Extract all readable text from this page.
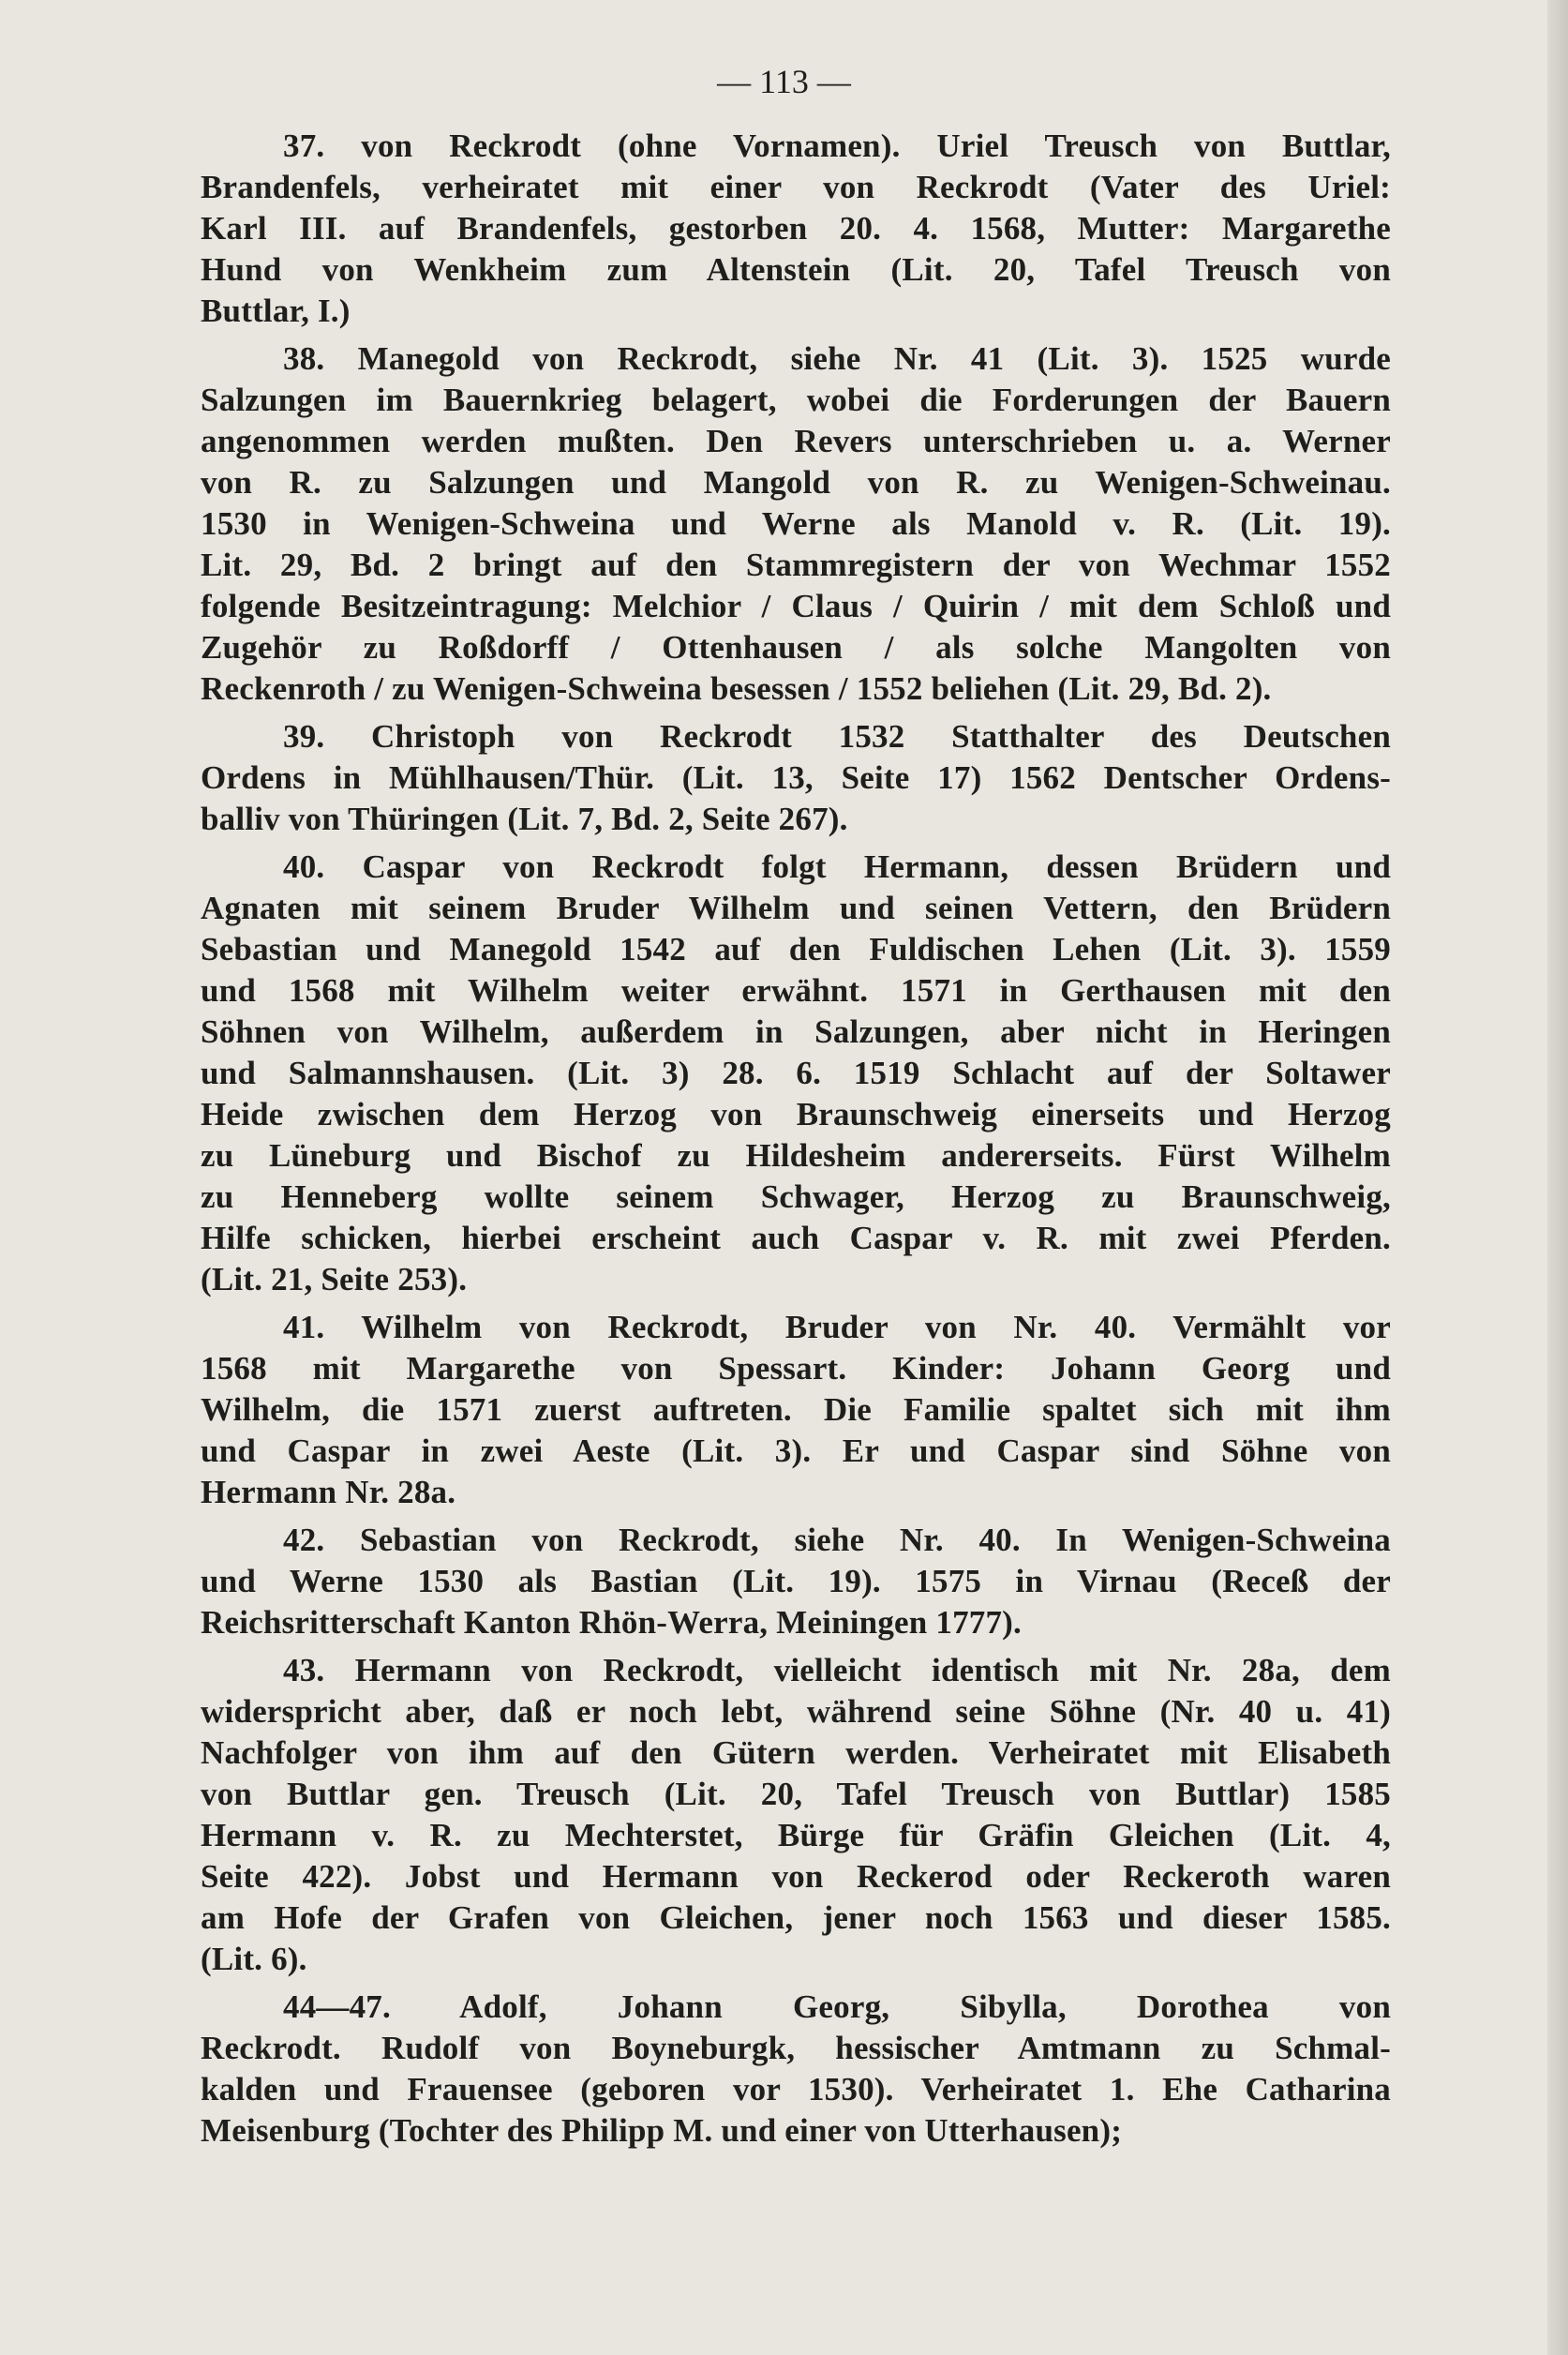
— 113 —
37. von Reckrodt (ohne Vornamen). Uriel Treusch von Buttlar,
Brandenfels, verheiratet mit einer von Reckrodt (Vater des Uriel:
Karl III. auf Brandenfels, gestorben 20. 4. 1568, Mutter: Margarethe
Hund von Wenkheim zum Altenstein (Lit. 20, Tafel Treusch von
Buttlar, I.)
38. Manegold von Reckrodt, siehe Nr. 41 (Lit. 3). 1525 wurde
Salzungen im Bauernkrieg belagert, wobei die Forderungen der Bauern
angenommen werden mußten. Den Revers unterschrieben u. a. Werner
von R. zu Salzungen und Mangold von R. zu Wenigen-Schweinau.
1530 in Wenigen-Schweina und Werne als Manold v. R. (Lit. 19).
Lit. 29, Bd. 2 bringt auf den Stammregistern der von Wechmar 1552
folgende Besitzeintragung: Melchior / Claus / Quirin / mit dem Schloß und
Zugehör zu Roßdorff / Ottenhausen / als solche Mangolten von
Reckenroth / zu Wenigen-Schweina besessen / 1552 beliehen (Lit. 29, Bd. 2).
39. Christoph von Reckrodt 1532 Statthalter des Deutschen
Ordens in Mühlhausen/Thür. (Lit. 13, Seite 17) 1562 Dentscher Ordens-
balliv von Thüringen (Lit. 7, Bd. 2, Seite 267).
40. Caspar von Reckrodt folgt Hermann, dessen Brüdern und
Agnaten mit seinem Bruder Wilhelm und seinen Vettern, den Brüdern
Sebastian und Manegold 1542 auf den Fuldischen Lehen (Lit. 3). 1559
und 1568 mit Wilhelm weiter erwähnt. 1571 in Gerthausen mit den
Söhnen von Wilhelm, außerdem in Salzungen, aber nicht in Heringen
und Salmannshausen. (Lit. 3) 28. 6. 1519 Schlacht auf der Soltawer
Heide zwischen dem Herzog von Braunschweig einerseits und Herzog
zu Lüneburg und Bischof zu Hildesheim andererseits. Fürst Wilhelm
zu Henneberg wollte seinem Schwager, Herzog zu Braunschweig,
Hilfe schicken, hierbei erscheint auch Caspar v. R. mit zwei Pferden.
(Lit. 21, Seite 253).
41. Wilhelm von Reckrodt, Bruder von Nr. 40. Vermählt vor
1568 mit Margarethe von Spessart. Kinder: Johann Georg und
Wilhelm, die 1571 zuerst auftreten. Die Familie spaltet sich mit ihm
und Caspar in zwei Aeste (Lit. 3). Er und Caspar sind Söhne von
Hermann Nr. 28a.
42. Sebastian von Reckrodt, siehe Nr. 40. In Wenigen-Schweina
und Werne 1530 als Bastian (Lit. 19). 1575 in Virnau (Receß der
Reichsritterschaft Kanton Rhön-Werra, Meiningen 1777).
43. Hermann von Reckrodt, vielleicht identisch mit Nr. 28a, dem
widerspricht aber, daß er noch lebt, während seine Söhne (Nr. 40 u. 41)
Nachfolger von ihm auf den Gütern werden. Verheiratet mit Elisabeth
von Buttlar gen. Treusch (Lit. 20, Tafel Treusch von Buttlar) 1585
Hermann v. R. zu Mechterstet, Bürge für Gräfin Gleichen (Lit. 4,
Seite 422). Jobst und Hermann von Reckerod oder Reckeroth waren
am Hofe der Grafen von Gleichen, jener noch 1563 und dieser 1585.
(Lit. 6).
44—47. Adolf, Johann Georg, Sibylla, Dorothea von
Reckrodt. Rudolf von Boyneburgk, hessischer Amtmann zu Schmal-
kalden und Frauensee (geboren vor 1530). Verheiratet 1. Ehe Catharina
Meisenburg (Tochter des Philipp M. und einer von Utterhausen);
